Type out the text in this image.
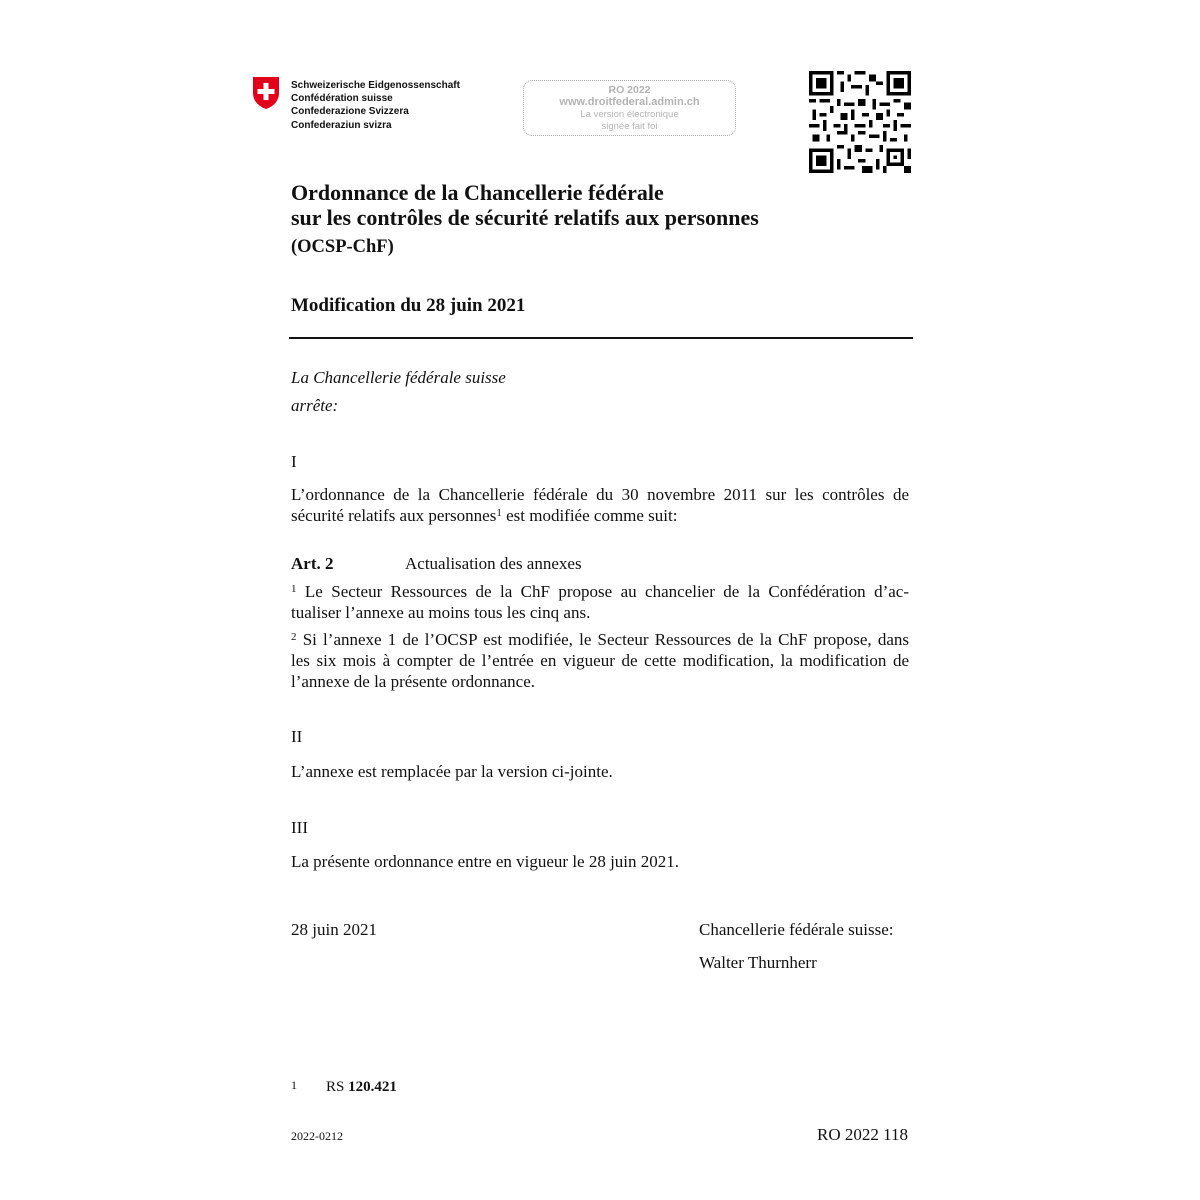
Schweizerische Eidgenossenschaft
Confédération suisse
Confederazione Svizzera
Confederaziun svizra
RO 2022
www.droitfederal.admin.ch
La version électronique
signée fait foi
Ordonnance de la Chancellerie fédérale
sur les contrôles de sécurité relatifs aux personnes
(OCSP-ChF)
Modification du 28 juin 2021
La Chancellerie fédérale suisse
arrête:
I
L’ordonnance de la Chancellerie fédérale du 30 novembre 2011 sur les contrôles de
sécurité relatifs aux personnes$^1$ est modifiée comme suit:
Art. 2	Actualisation des annexes
$^1$ Le Secteur Ressources de la ChF propose au chancelier de la Confédération d’ac-
tualiser l’annexe au moins tous les cinq ans.
$^2$ Si l’annexe 1 de l’OCSP est modifiée, le Secteur Ressources de la ChF propose, dans
les six mois à compter de l’entrée en vigueur de cette modification, la modification de
l’annexe de la présente ordonnance.
II
L’annexe est remplacée par la version ci-jointe.
III
La présente ordonnance entre en vigueur le 28 juin 2021.
28 juin 2021	Chancellerie fédérale suisse:
Walter Thurnherr
1 RS 120.421
2022-0212	RO 2022 118
